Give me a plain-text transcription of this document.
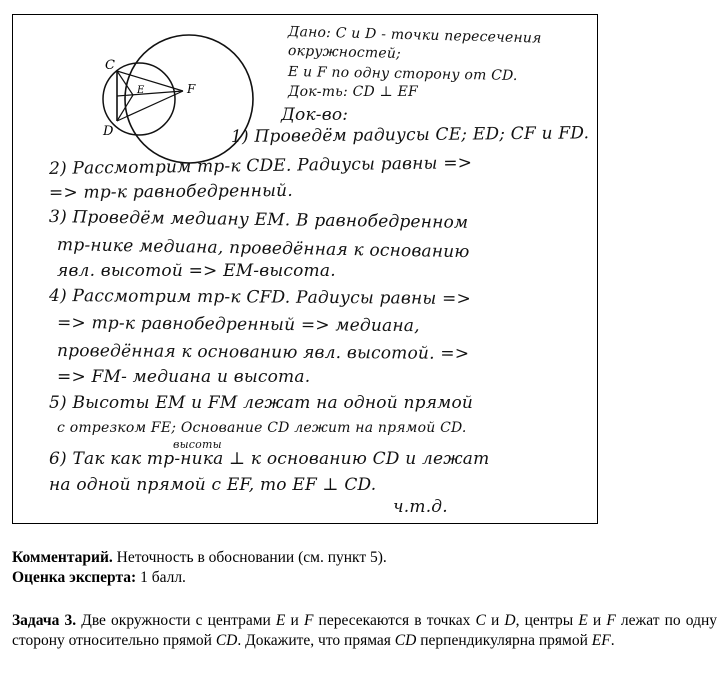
C
D
E	F
Дано: C и D - точки пересечения
окружностей;
E и F по одну сторону от CD.
Док-ть: CD ⊥ EF
Док-во:
1) Проведём радиусы CE; ED; CF и FD.
2) Рассмотрим тр-к CDE. Радиусы равны =>
=> тр-к равнобедренный.
3) Проведём медиану EM. В равнобедренном
тр-нике медиана, проведённая к основанию
явл. высотой => EM-высота.
4) Рассмотрим тр-к CFD. Радиусы равны =>
=> тр-к равнобедренный => медиана,
проведённая к основанию явл. высотой. =>
=> FM- медиана и высота.
5) Высоты EM и FM лежат на одной прямой
с отрезком FE; Основание CD лежит на прямой CD.
высоты
6) Так как тр-ника ⊥ к основанию CD и лежат
на одной прямой с EF, то EF ⊥ CD.
ч.т.д.

Комментарий. Неточность в обосновании (см. пункт 5).

Оценка эксперта: 1 балл.

Задача 3. Две окружности с центрами E и F пересекаются в точках C и D, центры E и F лежат по одну сторону относительно прямой CD. Докажите, что прямая CD перпендикулярна прямой EF.
